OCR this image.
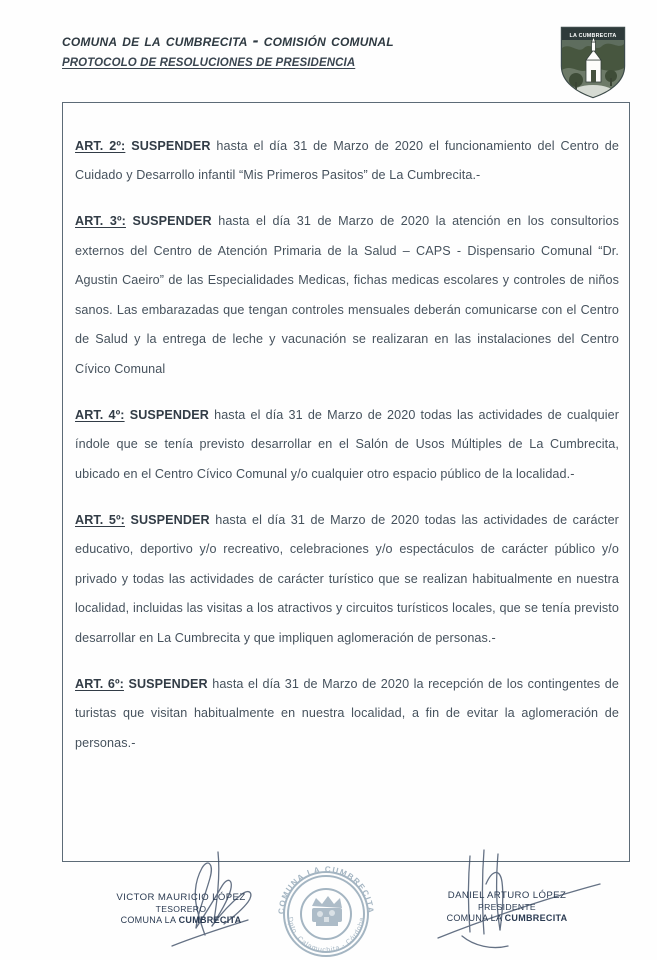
comuna de la cumbrecita - comisión comunal
PROTOCOLO DE RESOLUCIONES DE PRESIDENCIA
LA CUMBRECITA

ART. 2º: SUSPENDER hasta el día 31 de Marzo de 2020 el funcionamiento del Centro de Cuidado y Desarrollo infantil “Mis Primeros Pasitos” de La Cumbrecita.-

ART. 3º: SUSPENDER hasta el día 31 de Marzo de 2020 la atención en los consultorios externos del Centro de Atención Primaria de la Salud – CAPS - Dispensario Comunal “Dr. Agustin Caeiro” de las Especialidades Medicas, fichas medicas escolares y controles de niños sanos. Las embarazadas que tengan controles mensuales deberán comunicarse con el Centro de Salud y la entrega de leche y vacunación se realizaran en las instalaciones del Centro Cívico Comunal

ART. 4º: SUSPENDER hasta el día 31 de Marzo de 2020 todas las actividades de cualquier índole que se tenía previsto desarrollar en el Salón de Usos Múltiples de La Cumbrecita, ubicado en el Centro Cívico Comunal y/o cualquier otro espacio público de la localidad.-

ART. 5º: SUSPENDER hasta el día 31 de Marzo de 2020 todas las actividades de carácter educativo, deportivo y/o recreativo, celebraciones y/o espectáculos de carácter público y/o privado y todas las actividades de carácter turístico que se realizan habitualmente en nuestra localidad, incluidas las visitas a los atractivos y circuitos turísticos locales, que se tenía previsto desarrollar en La Cumbrecita y que impliquen aglomeración de personas.-

ART. 6º: SUSPENDER hasta el día 31 de Marzo de 2020 la recepción de los contingentes de turistas que visitan habitualmente en nuestra localidad, a fin de evitar la aglomeración de personas.-

COMUNA LA CUMBRECITA
Dpto. Calamuchita - Córdoba
VICTOR MAURICIO LÓPEZ
TESORERO
COMUNA LA CUMBRECITA
DANIEL ARTURO LÓPEZ
PRESIDENTE
COMUNA LA CUMBRECITA
